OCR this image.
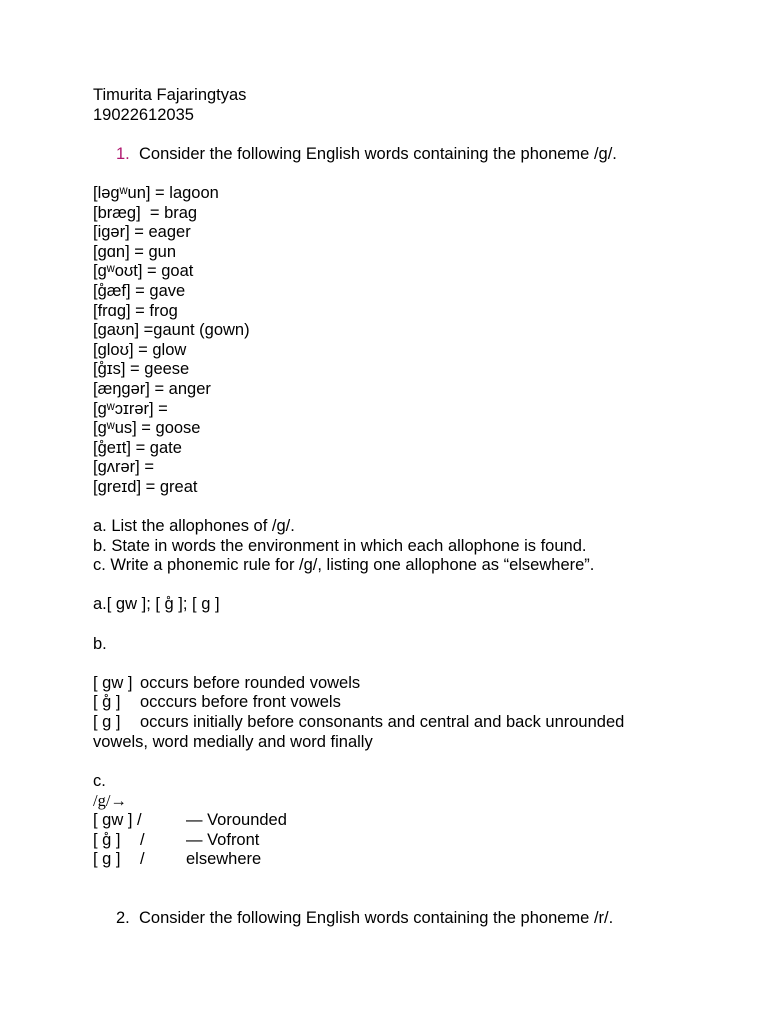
Timurita Fajaringtyas
19022612035
1. Consider the following English words containing the phoneme /g/.
[ləgʷun] = lagoon
[bræg]  = brag
[igər] = eager
[gɑn] = gun
[gʷoʊt] = goat
[g̊æf] = gave
[frɑg] = frog
[gaʊn] =gaunt (gown)
[gloʊ] = glow
[g̊ɪs] = geese
[æŋgər] = anger
[gʷɔɪrər] =
[gʷus] = goose
[g̊eɪt] = gate
[gʌrər] =
[greɪd] = great
a. List the allophones of /g/.
b. State in words the environment in which each allophone is found.
c. Write a phonemic rule for /g/, listing one allophone as “elsewhere”.
a.[ gw ]; [ g̊ ]; [ g ]
b.
[ gw ] occurs before rounded vowels
[ g̊ ] occcurs before front vowels
[ g ]	occurs initially before consonants and central and back unrounded vowels, word medially and word finally
c.
/g/→
[ gw ] /	— Vorounded
[ g̊ ] /	— Vofront
[ g ] /	elsewhere
2. Consider the following English words containing the phoneme /r/.
